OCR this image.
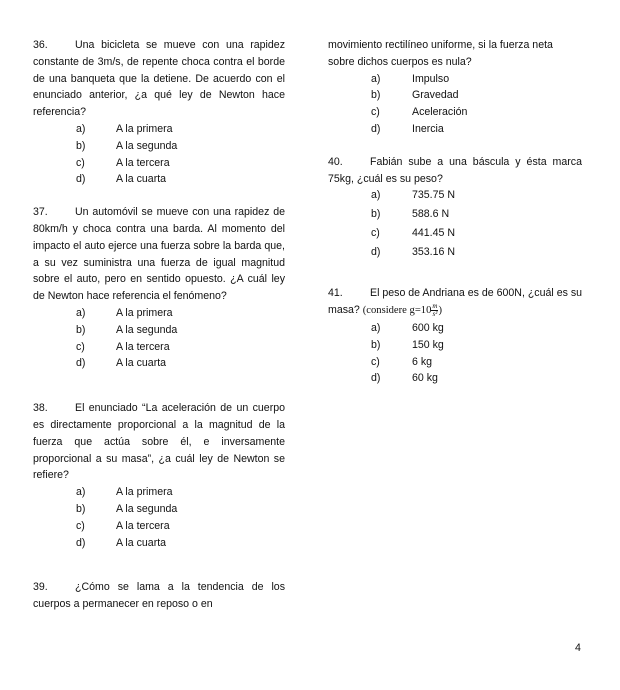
36.	Una bicicleta se mueve con una rapidez constante de 3m/s, de repente choca contra el borde de una banqueta que la detiene. De acuerdo con el enunciado anterior, ¿a qué ley de Newton hace referencia?

a)	A la primera
b)	A la segunda
c)	A la tercera
d)	A la cuarta

37.	Un automóvil se mueve con una rapidez de 80km/h y choca contra una barda. Al momento del impacto el auto ejerce una fuerza sobre la barda que, a su vez suministra una fuerza de igual magnitud sobre el auto, pero en sentido opuesto. ¿A cuál ley de Newton hace referencia el fenómeno?

a)	A la primera
b)	A la segunda
c)	A la tercera
d)	A la cuarta

38.	El enunciado “La aceleración de un cuerpo es directamente proporcional a la magnitud de la fuerza que actúa sobre él, e inversamente proporcional a su masa”, ¿a cuál ley de Newton se refiere?

a)	A la primera
b)	A la segunda
c)	A la tercera
d)	A la cuarta

39.	¿Cómo se lama a la tendencia de los cuerpos a permanecer en reposo o en

movimiento rectilíneo uniforme, si la fuerza neta sobre dichos cuerpos es nula?

a)	Impulso
b)	Gravedad
c)	Aceleración
d)	Inercia

40.	Fabián sube a una báscula y ésta marca 75kg, ¿cuál es su peso?

a)	735.75 N
b)	588.6 N
c)	441.45 N
d)	353.16 N

41.	El peso de Andriana es de 600N, ¿cuál es su masa? (considere $g=10 \frac{m}{\text{s²}}$ )

a)	600 kg
b)	150 kg
c)	6 kg
d)	60 kg
4
